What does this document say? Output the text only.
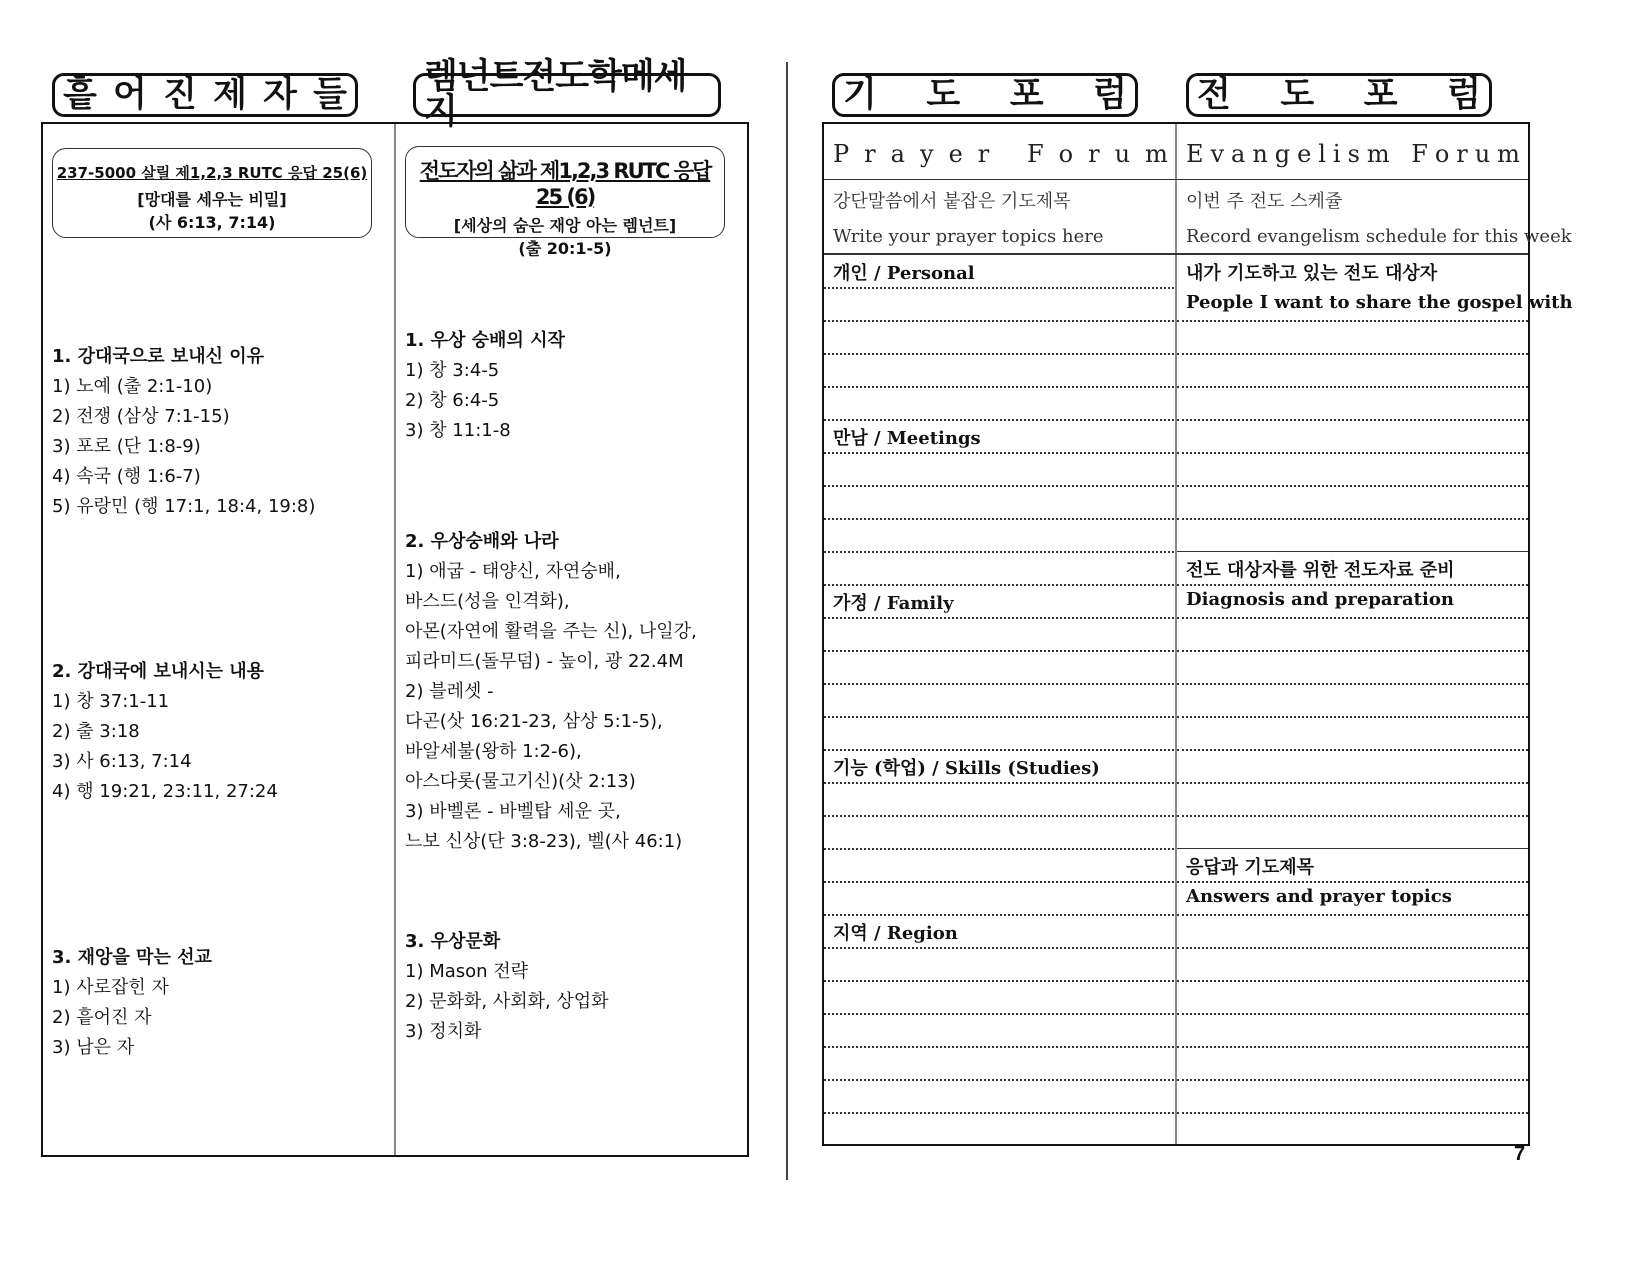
흩 어 진 제 자 들 렘넌트전도학메세지
237-5000 살릴 제1,2,3 RUTC 응답 25(6)
[망대를 세우는 비밀]
(사 6:13, 7:14)
전도자의 삶과 제1,2,3 RUTC 응답 25 (6)
[세상의 숨은 재앙 아는 렘넌트]
(출 20:1-5)
1. 강대국으로 보내신 이유
1) 노예 (출 2:1-10)
2) 전쟁 (삼상 7:1-15)
3) 포로 (단 1:8-9)
4) 속국 (행 1:6-7)
5) 유랑민 (행 17:1, 18:4, 19:8)
2. 강대국에 보내시는 내용
1) 창 37:1-11
2) 출 3:18
3) 사 6:13, 7:14
4) 행 19:21, 23:11, 27:24
3. 재앙을 막는 선교
1) 사로잡힌 자
2) 흩어진 자
3) 남은 자
1. 우상 숭배의 시작
1) 창 3:4-5
2) 창 6:4-5
3) 창 11:1-8
2. 우상숭배와 나라
1) 애굽 - 태양신, 자연숭배,
바스드(성을 인격화),
아몬(자연에 활력을 주는 신), 나일강,
피라미드(돌무덤) - 높이, 광 22.4M
2) 블레셋 -
다곤(삿 16:21-23, 삼상 5:1-5),
바알세불(왕하 1:2-6),
아스다롯(물고기신)(삿 2:13)
3) 바벨론 - 바벨탑 세운 곳,
느보 신상(단 3:8-23), 벨(사 46:1)
3. 우상문화
1) Mason 전략
2) 문화화, 사회화, 상업화
3) 정치화
기 도 포 럼 전 도 포 럼
P r a y e r
F o r u m E v a n g e l i s m
F o r u m
강단말씀에서 붙잡은 기도제목
Write your prayer topics here
이번 주 전도 스케쥴
Record evangelism schedule for this week
개인 / Personal
만남 / Meetings
가정 / Family
기능 (학업) / Skills (Studies)
지역 / Region
내가 기도하고 있는 전도 대상자
People I want to share the gospel with
전도 대상자를 위한 전도자료 준비
Diagnosis and preparation
응답과 기도제목
Answers and prayer topics
7
